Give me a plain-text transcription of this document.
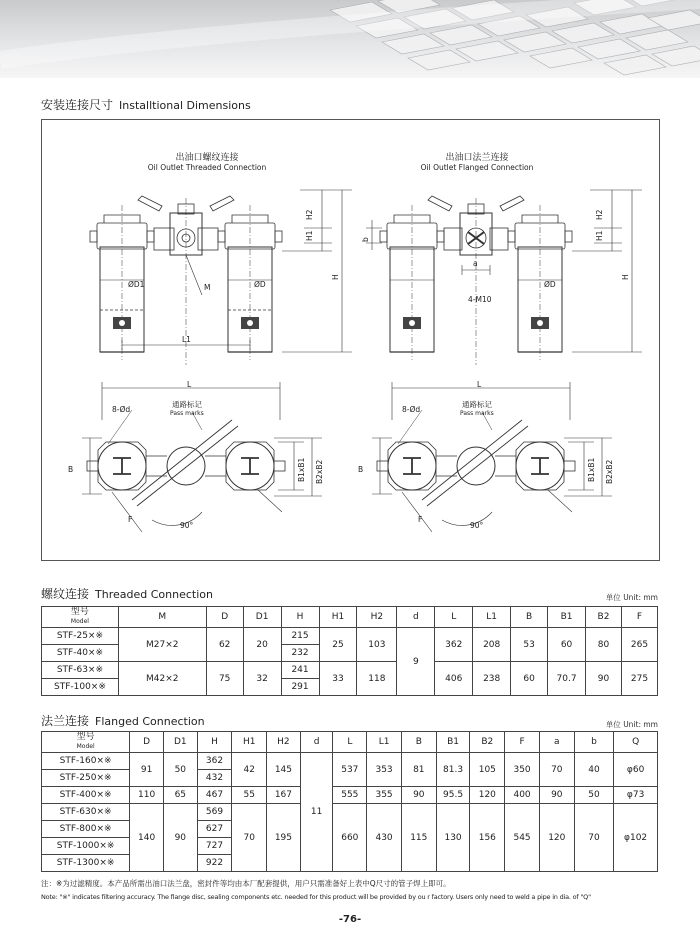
安装连接尺寸 Installtional Dimensions
出油口螺纹连接
Oil Outlet Threaded Connection
出油口法兰连接
Oil Outlet Flanged Connection
H2
H1
H
ØD1	M	ØD
L1
H2
H1
H
b
a
4-M10
ØD
L
8-Ød
通路标记
Pass marks
B	B1xB1 B2xB2
F
90°
L
8-Ød
通路标记
Pass marks
B	B1xB1 B2xB2
F
90°
螺纹连接 Threaded Connection	单位 Unit: mm
型号
Model	M	D	D1	H	H1	H2	d	L	L1	B	B1	B2	F
STF-25×※	M27×2	62	20	215	25	103	9	362	208	53	60	80	265
STF-40×※				232									
STF-63×※	M42×2	75	32	241	33	118		406	238	60	70.7	90	275
STF-100×※				291									
法兰连接 Flanged Connection	单位 Unit: mm
型号
Model	D	D1	H	H1	H2	d	L	L1	B	B1	B2	F	a	b	Q
STF-160×※	91	50	362	42	145	11	537	353	81	81.3	105	350	70	40	φ60
STF-250×※			432												
STF-400×※	110	65	467	55	167		555	355	90	95.5	120	400	90	50	φ73
STF-630×※	140	90	569	70	195		660	430	115	130	156	545	120	70	φ102
STF-800×※			627												
STF-1000×※			727												
STF-1300×※			922												
注：※为过滤精度。本产品所需出油口法兰盘，密封件等均由本厂配套提供，用户只需准备好上表中Q尺寸的管子焊上即可。
Note: "※" indicates filtering accuracy. The flange disc, sealing components etc. needed for this product will be provided by ou r factory. Users only need to weld a pipe in dia. of "Q"
-76-
